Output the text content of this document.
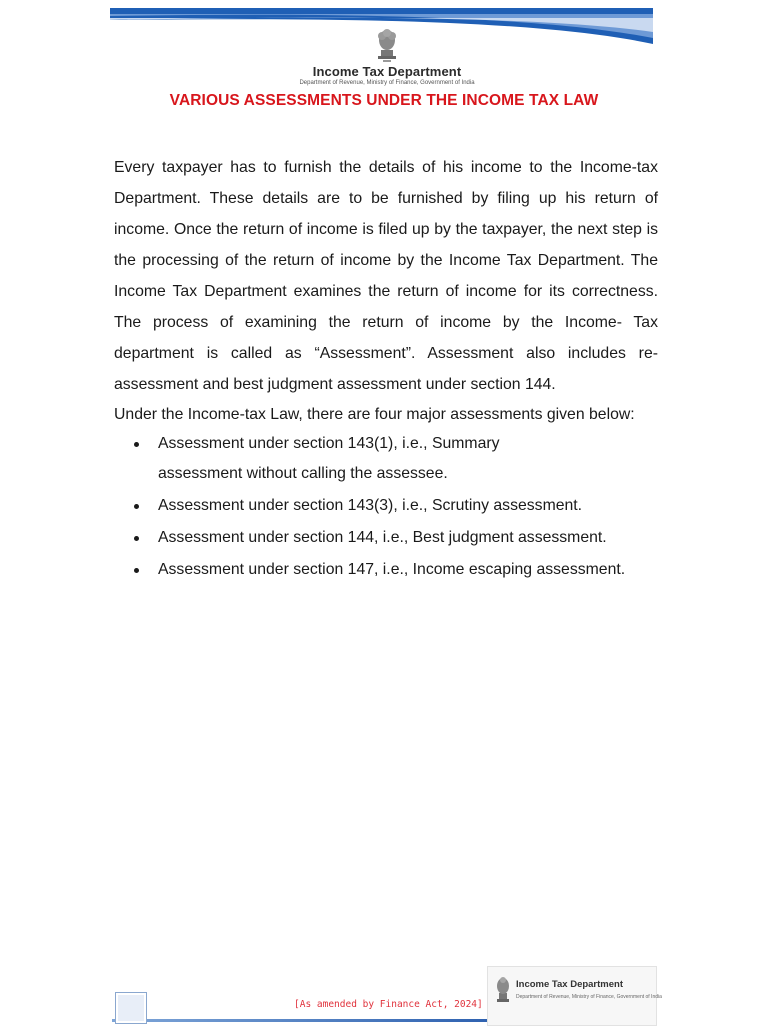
Income Tax Department
Department of Revenue, Ministry of Finance, Government of India
VARIOUS ASSESSMENTS UNDER THE INCOME TAX LAW

Every taxpayer has to furnish the details of his income to the Income-tax Department. These details are to be furnished by filing up his return of income. Once the return of income is filed up by the taxpayer, the next step is the processing of the return of income by the Income Tax Department. The Income Tax Department examines the return of income for its correctness. The process of examining the return of income by the Income- Tax department is called as “Assessment”. Assessment also includes re-assessment and best judgment assessment under section 144.

Under the Income-tax Law, there are four major assessments given below:

Assessment under section 143(1), i.e., Summary assessment without calling the assessee.
Assessment under section 143(3), i.e., Scrutiny assessment.
Assessment under section 144, i.e., Best judgment assessment.
Assessment under section 147, i.e., Income escaping assessment.
[As amended by Finance Act, 2024]
Income Tax Department
Department of Revenue, Ministry of Finance, Government of India
